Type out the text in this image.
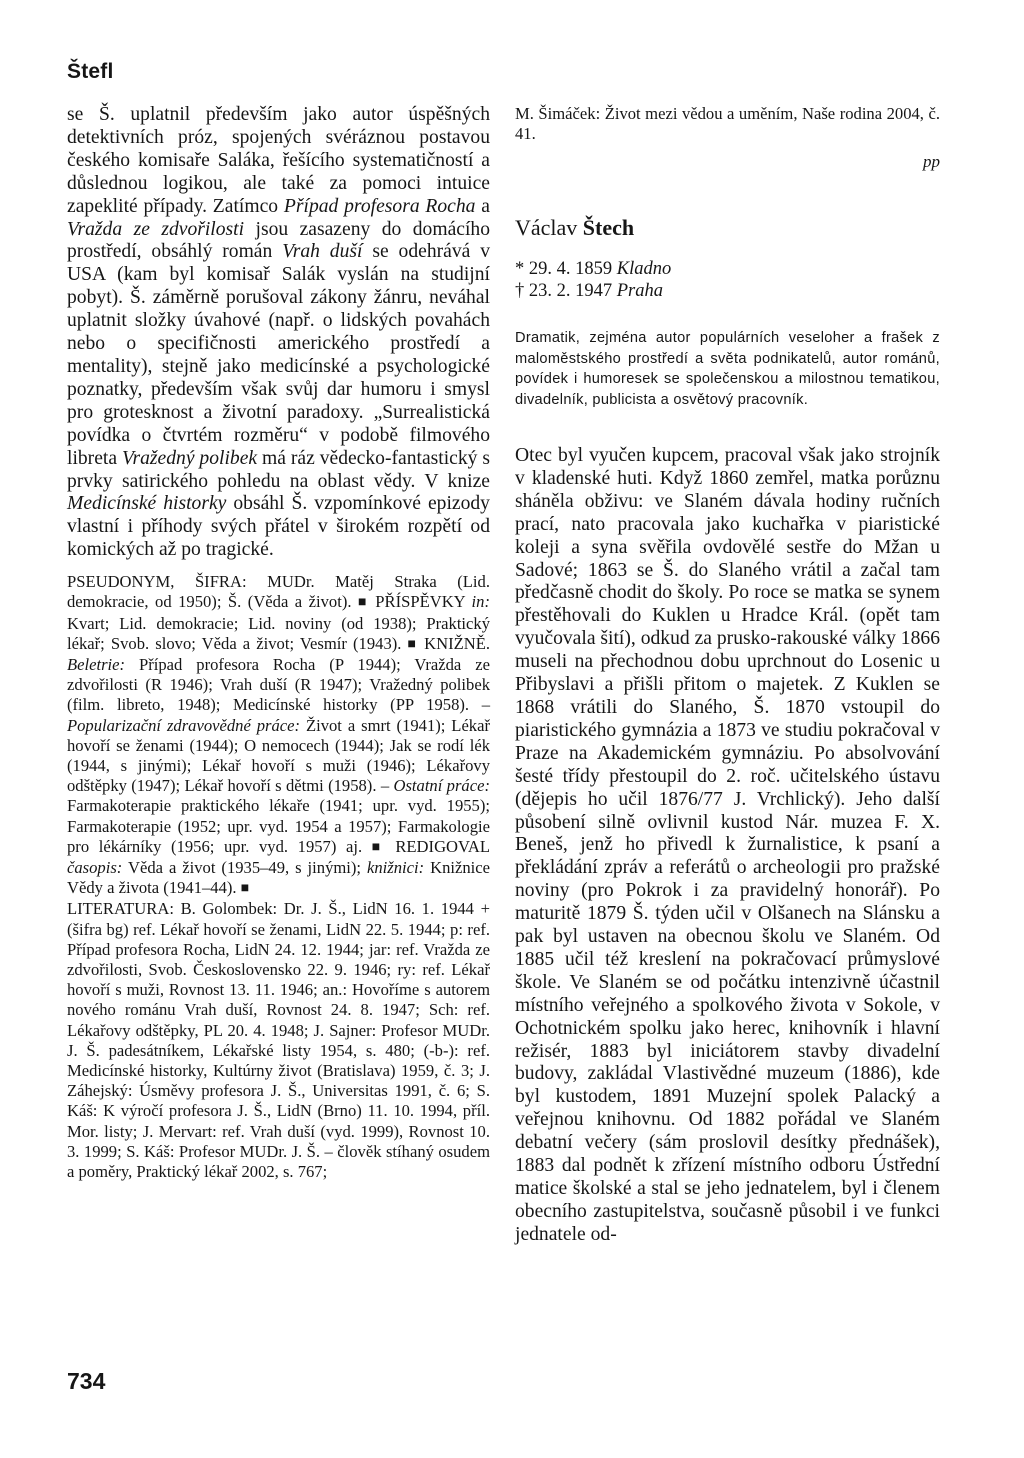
Štefl

se Š. uplatnil především jako autor úspěšných detektivních próz, spojených svéráznou postavou českého komisaře Saláka, řešícího systematičností a důslednou logikou, ale také za pomoci intuice zapeklité případy. Zatímco Případ profesora Rocha a Vražda ze zdvořilosti jsou zasazeny do domácího prostředí, obsáhlý román Vrah duší se odehrává v USA (kam byl komisař Salák vyslán na studijní pobyt). Š. záměrně porušoval zákony žánru, neváhal uplatnit složky úvahové (např. o lidských povahách nebo o specifičnosti amerického prostředí a mentality), stejně jako medicínské a psychologické poznatky, především však svůj dar humoru i smysl pro grotesknost a životní paradoxy. „Surrealistická povídka o čtvrtém rozměru“ v podobě filmového libreta Vražedný polibek má ráz vědecko-fantastický s prvky satirického pohledu na oblast vědy. V knize Medicínské historky obsáhl Š. vzpomínkové epizody vlastní i příhody svých přátel v širokém rozpětí od komických až po tragické.

PSEUDONYM, ŠIFRA: MUDr. Matěj Straka (Lid. demokracie, od 1950); Š. (Věda a život). ■ PŘÍSPĚVKY in: Kvart; Lid. demokracie; Lid. noviny (od 1938); Praktický lékař; Svob. slovo; Věda a život; Vesmír (1943). ■ KNIŽNĚ. Beletrie: Případ profesora Rocha (P 1944); Vražda ze zdvořilosti (R 1946); Vrah duší (R 1947); Vražedný polibek (film. libreto, 1948); Medicínské historky (PP 1958). – Popularizační zdravovědné práce: Život a smrt (1941); Lékař hovoří se ženami (1944); O nemocech (1944); Jak se rodí lék (1944, s jinými); Lékař hovoří s muži (1946); Lékařovy odštěpky (1947); Lékař hovoří s dětmi (1958). – Ostatní práce: Farmakoterapie praktického lékaře (1941; upr. vyd. 1955); Farmakoterapie (1952; upr. vyd. 1954 a 1957); Farmakologie pro lékárníky (1956; upr. vyd. 1957) aj. ■ REDIGOVAL časopis: Věda a život (1935–49, s jinými); knižnici: Knižnice Vědy a života (1941–44). ■

LITERATURA: B. Golombek: Dr. J. Š., LidN 16. 1. 1944 + (šifra bg) ref. Lékař hovoří se ženami, LidN 22. 5. 1944; p: ref. Případ profesora Rocha, LidN 24. 12. 1944; jar: ref. Vražda ze zdvořilosti, Svob. Československo 22. 9. 1946; ry: ref. Lékař hovoří s muži, Rovnost 13. 11. 1946; an.: Hovoříme s autorem nového románu Vrah duší, Rovnost 24. 8. 1947; Sch: ref. Lékařovy odštěpky, PL 20. 4. 1948; J. Sajner: Profesor MUDr. J. Š. padesátníkem, Lékařské listy 1954, s. 480; (-b-): ref. Medicínské historky, Kultúrny život (Bratislava) 1959, č. 3; J. Záhejský: Úsměvy profesora J. Š., Universitas 1991, č. 6; S. Káš: K výročí profesora J. Š., LidN (Brno) 11. 10. 1994, příl. Mor. listy; J. Mervart: ref. Vrah duší (vyd. 1999), Rovnost 10. 3. 1999; S. Káš: Profesor MUDr. J. Š. – člověk stíhaný osudem a poměry, Praktický lékař 2002, s. 767;

M. Šimáček: Život mezi vědou a uměním, Naše rodina 2004, č. 41.

pp
Václav Štech
* 29. 4. 1859 Kladno
† 23. 2. 1947 Praha

Dramatik, zejména autor populárních veseloher a frašek z maloměstského prostředí a světa podnikatelů, autor románů, povídek i humoresek se společenskou a milostnou tematikou, divadelník, publicista a osvětový pracovník.

Otec byl vyučen kupcem, pracoval však jako strojník v kladenské huti. Když 1860 zemřel, matka porůznu sháněla obživu: ve Slaném dávala hodiny ručních prací, nato pracovala jako kuchařka v piaristické koleji a syna svěřila ovdovělé sestře do Mžan u Sadové; 1863 se Š. do Slaného vrátil a začal tam předčasně chodit do školy. Po roce se matka se synem přestěhovali do Kuklen u Hradce Král. (opět tam vyučovala šití), odkud za prusko-rakouské války 1866 museli na přechodnou dobu uprchnout do Losenic u Přibyslavi a přišli přitom o majetek. Z Kuklen se 1868 vrátili do Slaného, Š. 1870 vstoupil do piaristického gymnázia a 1873 ve studiu pokračoval v Praze na Akademickém gymnáziu. Po absolvování šesté třídy přestoupil do 2. roč. učitelského ústavu (dějepis ho učil 1876/77 J. Vrchlický). Jeho další působení silně ovlivnil kustod Nár. muzea F. X. Beneš, jenž ho přivedl k žurnalistice, k psaní a překládání zpráv a referátů o archeologii pro pražské noviny (pro Pokrok i za pravidelný honorář). Po maturitě 1879 Š. týden učil v Olšanech na Slánsku a pak byl ustaven na obecnou školu ve Slaném. Od 1885 učil též kreslení na pokračovací průmyslové škole. Ve Slaném se od počátku intenzivně účastnil místního veřejného a spolkového života v Sokole, v Ochotnickém spolku jako herec, knihovník i hlavní režisér, 1883 byl iniciátorem stavby divadelní budovy, zakládal Vlastivědné muzeum (1886), kde byl kustodem, 1891 Muzejní spolek Palacký a veřejnou knihovnu. Od 1882 pořádal ve Slaném debatní večery (sám proslovil desítky přednášek), 1883 dal podnět k zřízení místního odboru Ústřední matice školské a stal se jeho jednatelem, byl i členem obecního zastupitelstva, současně působil i ve funkci jednatele od-

734
